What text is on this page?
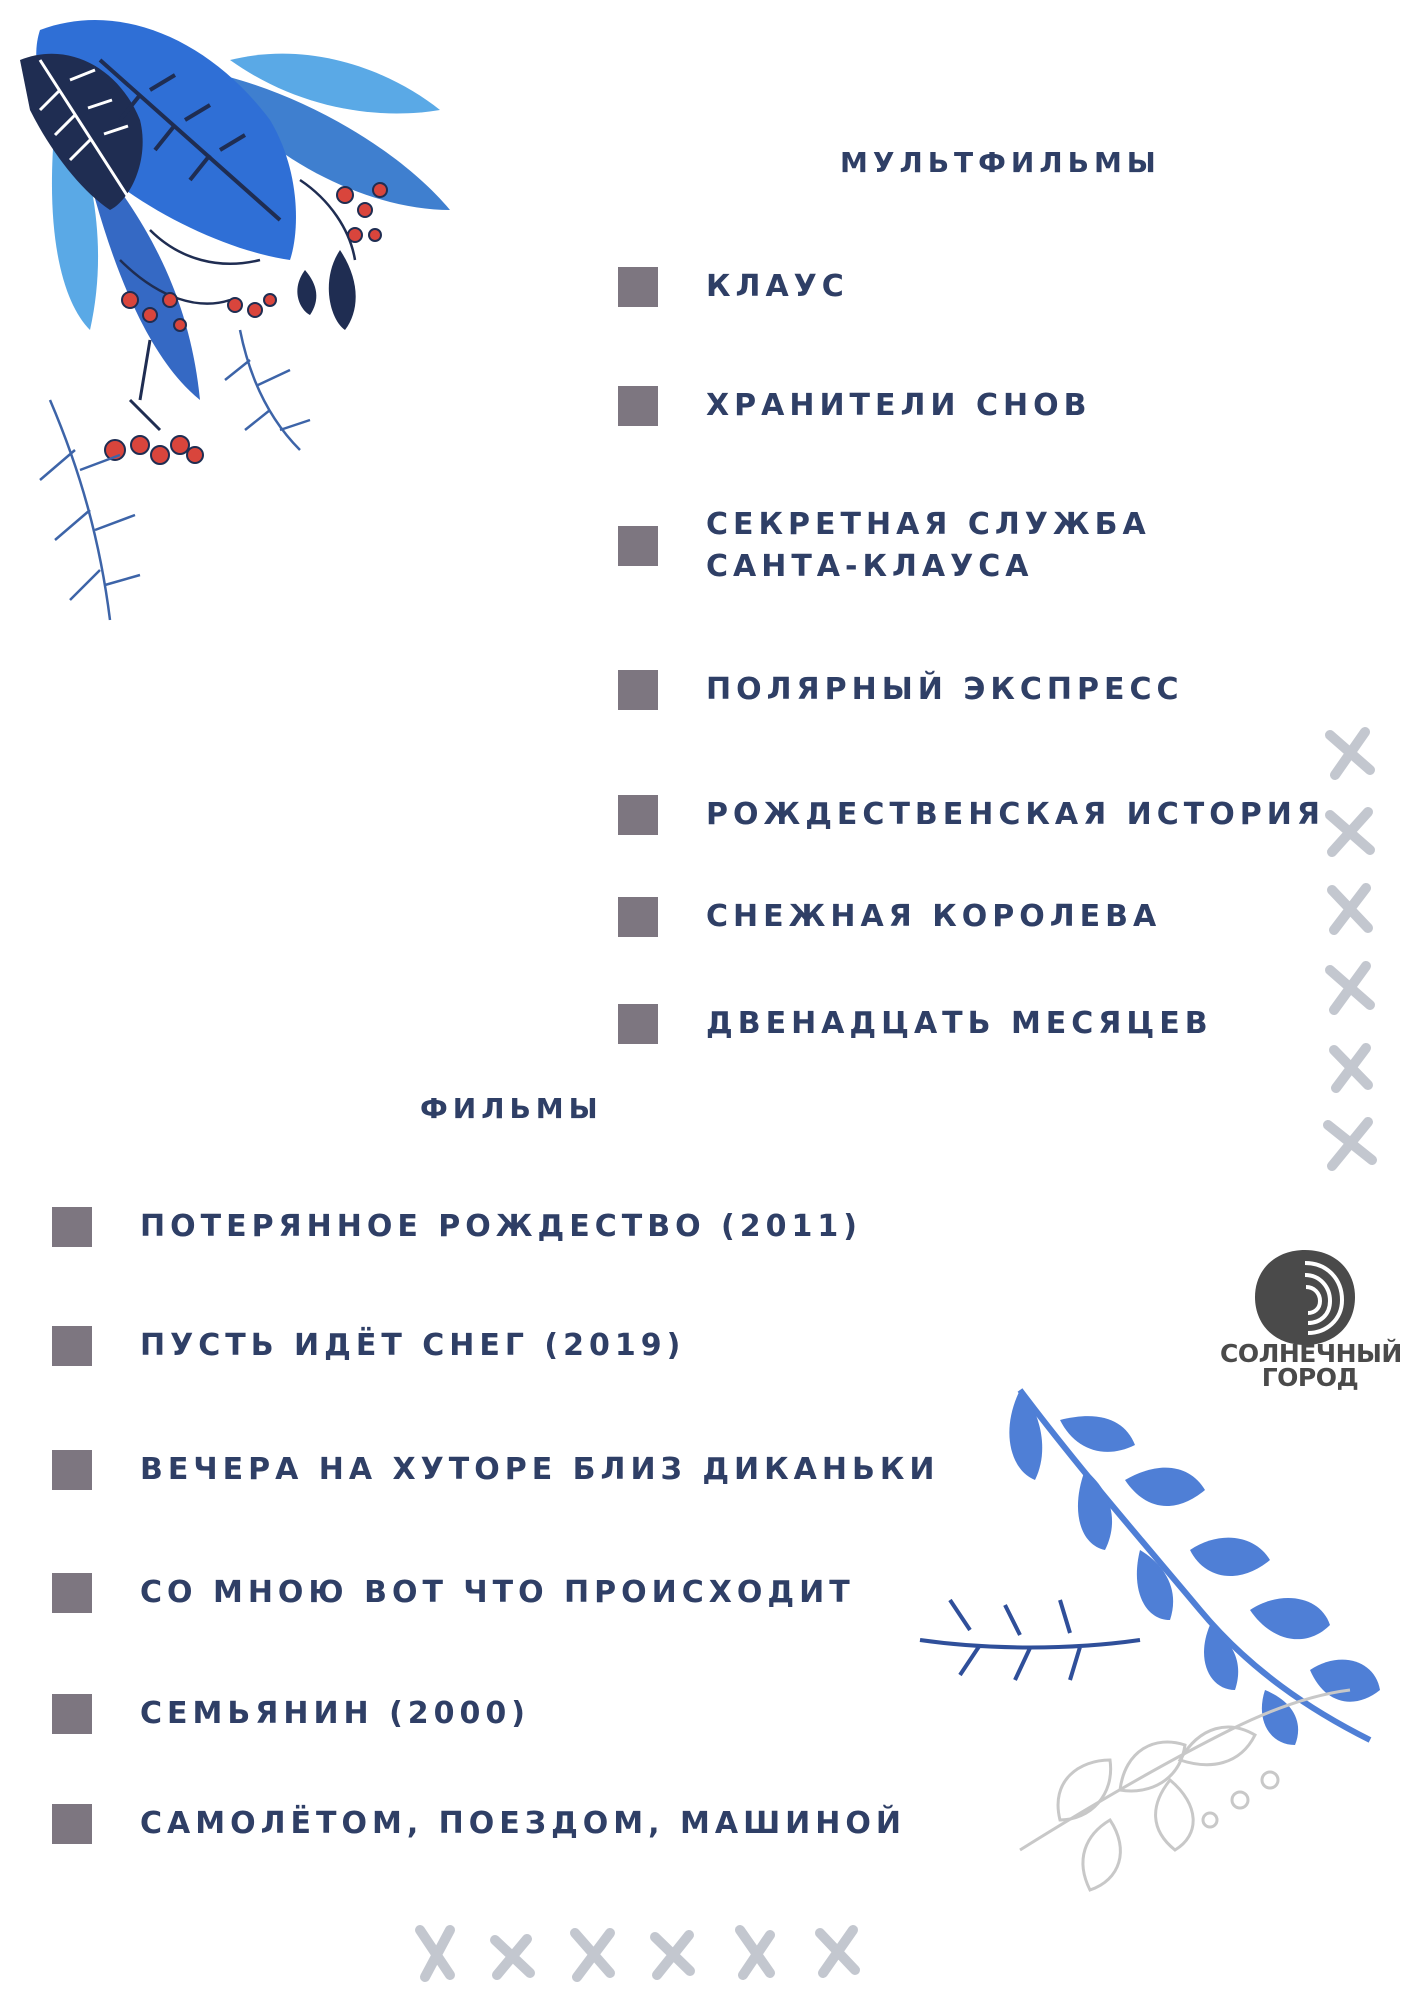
МУЛЬТФИЛЬМЫ
КЛАУС
ХРАНИТЕЛИ СНОВ
СЕКРЕТНАЯ СЛУЖБА САНТА-КЛАУСА
ПОЛЯРНЫЙ ЭКСПРЕСС
РОЖДЕСТВЕНСКАЯ ИСТОРИЯ
СНЕЖНАЯ КОРОЛЕВА
ДВЕНАДЦАТЬ МЕСЯЦЕВ
ФИЛЬМЫ
ПОТЕРЯННОЕ РОЖДЕСТВО (2011)
ПУСТЬ ИДЁТ СНЕГ (2019)
ВЕЧЕРА НА ХУТОРЕ БЛИЗ ДИКАНЬКИ
СО МНОЮ ВОТ ЧТО ПРОИСХОДИТ
СЕМЬЯНИН (2000)
САМОЛЁТОМ, ПОЕЗДОМ, МАШИНОЙ
СОЛНЕЧНЫЙ
ГОРОД
